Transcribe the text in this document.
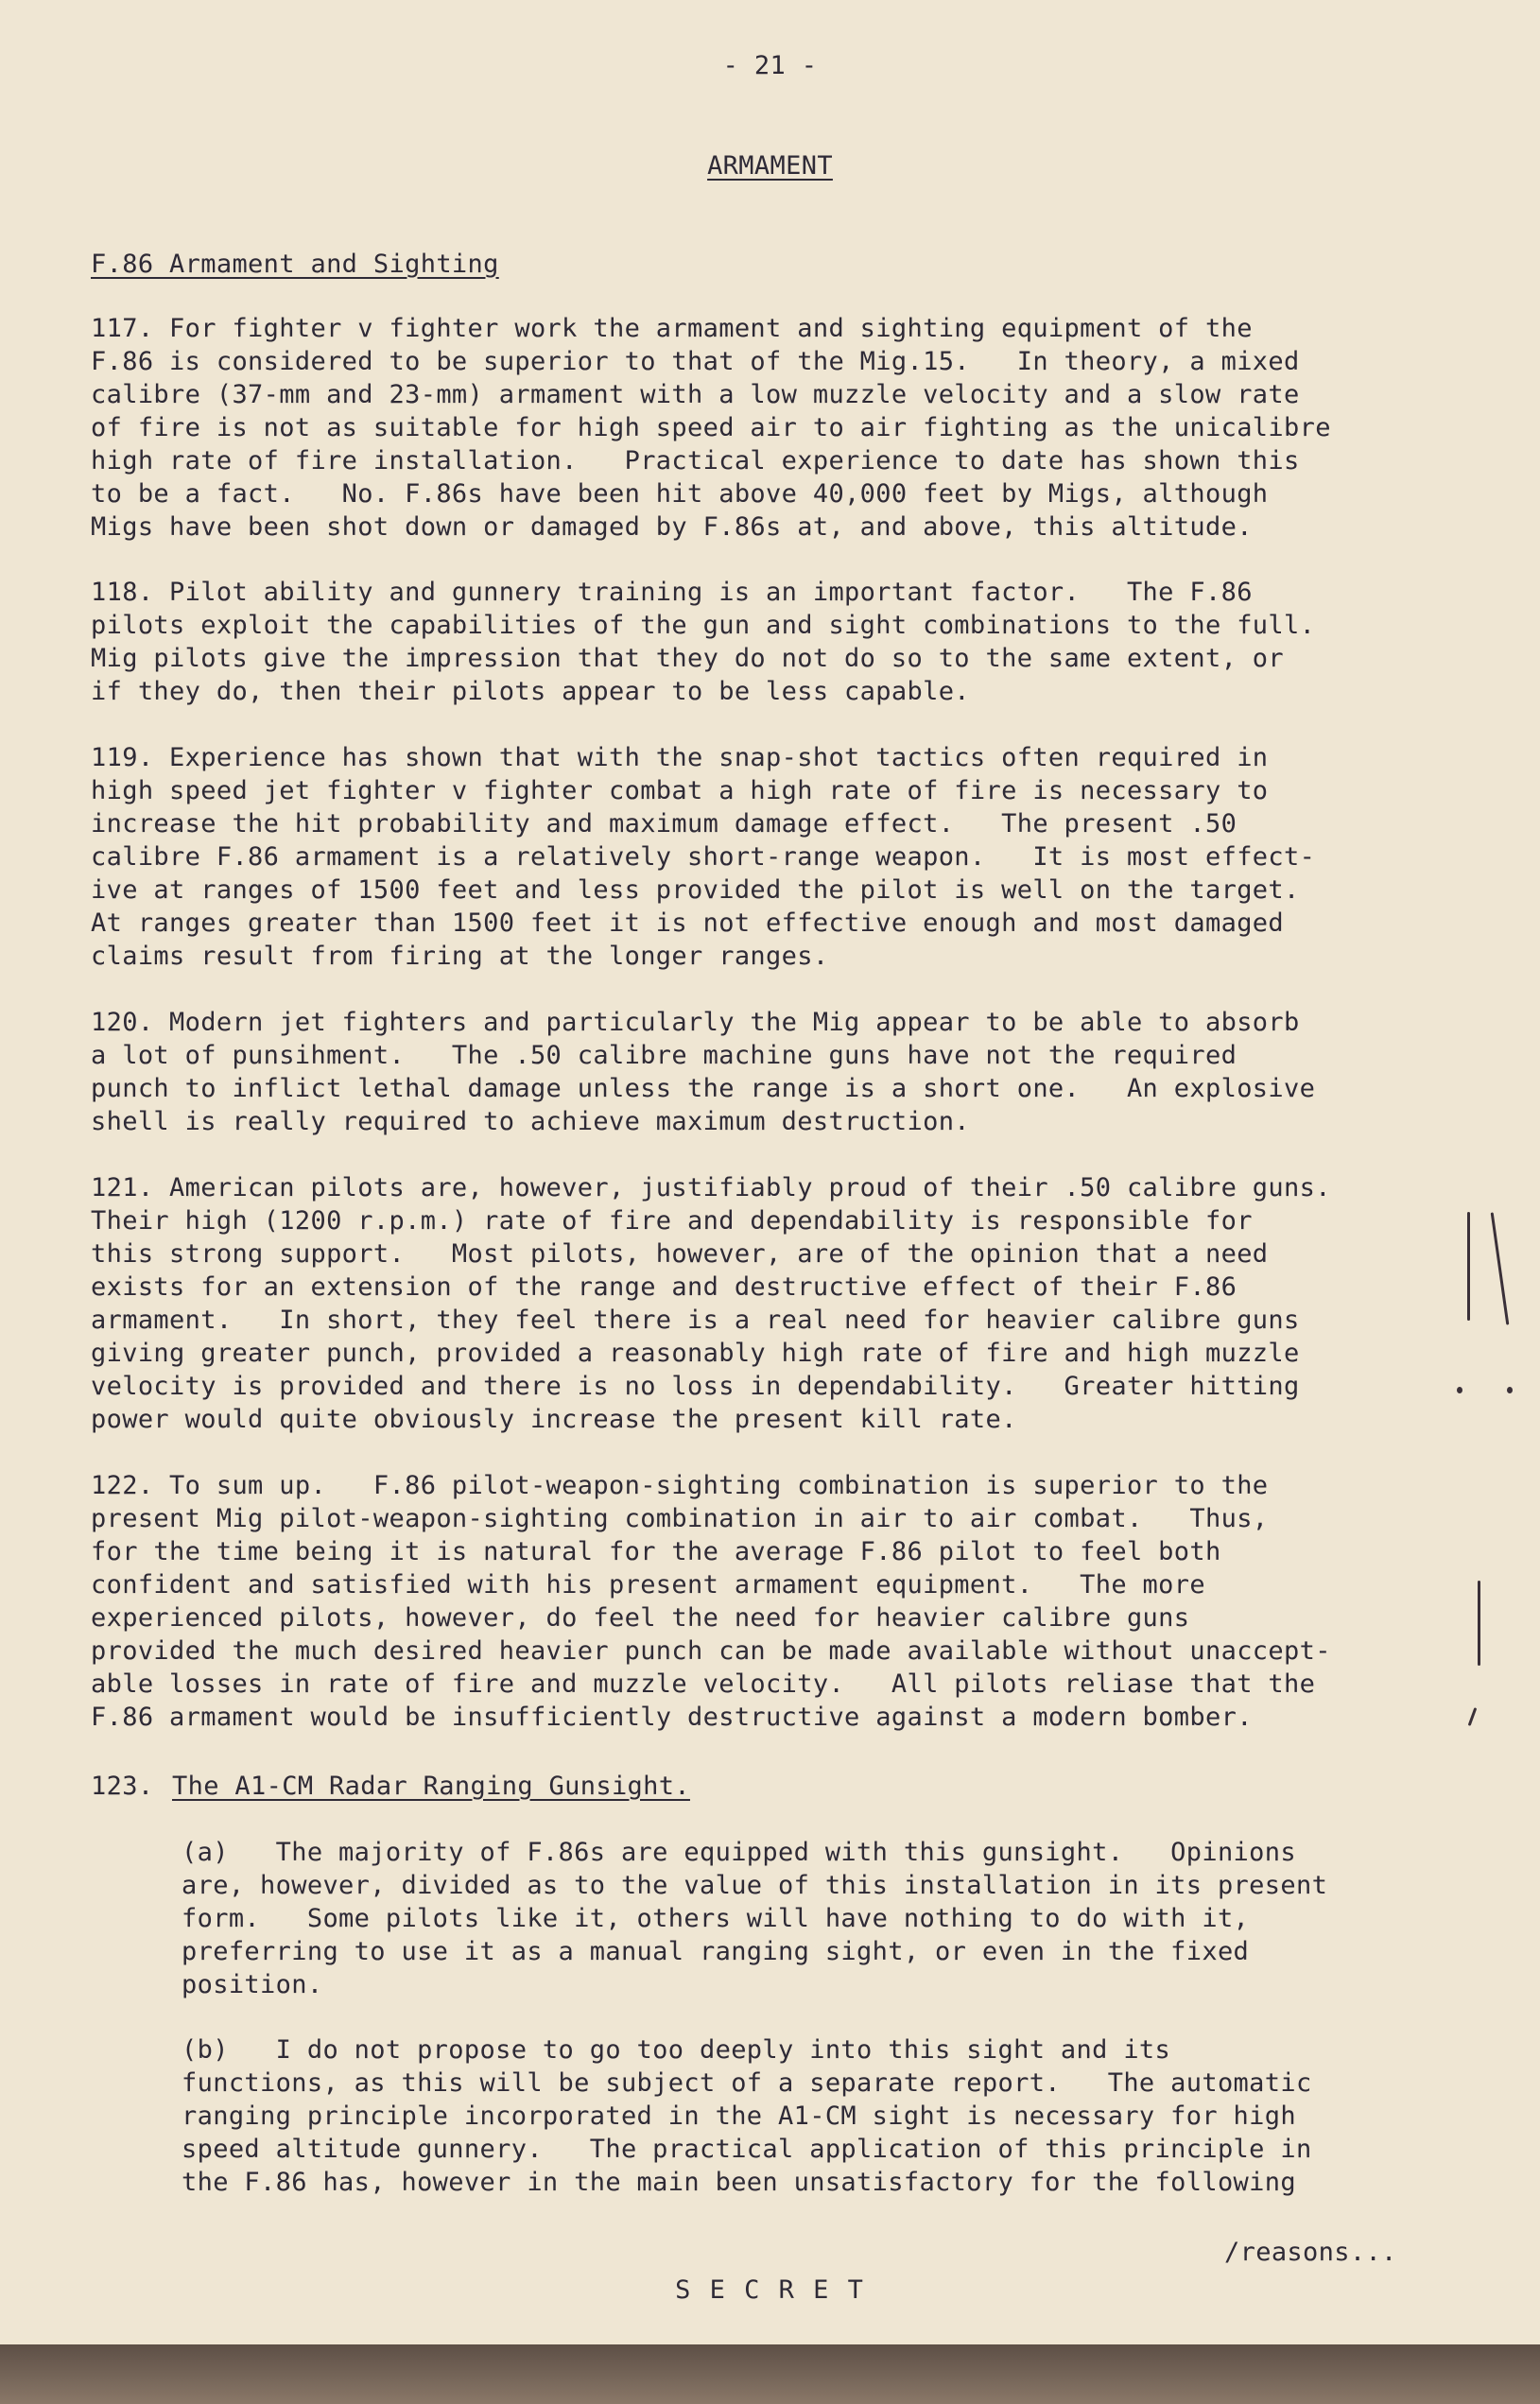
- 21 -
ARMAMENT
F.86 Armament and Sighting
117. For fighter v fighter work the armament and sighting equipment of the
F.86 is considered to be superior to that of the Mig.15.   In theory, a mixed
calibre (37-mm and 23-mm) armament with a low muzzle velocity and a slow rate
of fire is not as suitable for high speed air to air fighting as the unicalibre
high rate of fire installation.   Practical experience to date has shown this
to be a fact.   No. F.86s have been hit above 40,000 feet by Migs, although
Migs have been shot down or damaged by F.86s at, and above, this altitude.
118. Pilot ability and gunnery training is an important factor.   The F.86
pilots exploit the capabilities of the gun and sight combinations to the full.
Mig pilots give the impression that they do not do so to the same extent, or
if they do, then their pilots appear to be less capable.
119. Experience has shown that with the snap-shot tactics often required in
high speed jet fighter v fighter combat a high rate of fire is necessary to
increase the hit probability and maximum damage effect.   The present .50
calibre F.86 armament is a relatively short-range weapon.   It is most effect-
ive at ranges of 1500 feet and less provided the pilot is well on the target.
At ranges greater than 1500 feet it is not effective enough and most damaged
claims result from firing at the longer ranges.
120. Modern jet fighters and particularly the Mig appear to be able to absorb
a lot of punsihment.   The .50 calibre machine guns have not the required
punch to inflict lethal damage unless the range is a short one.   An explosive
shell is really required to achieve maximum destruction.
121. American pilots are, however, justifiably proud of their .50 calibre guns.
Their high (1200 r.p.m.) rate of fire and dependability is responsible for
this strong support.   Most pilots, however, are of the opinion that a need
exists for an extension of the range and destructive effect of their F.86
armament.   In short, they feel there is a real need for heavier calibre guns
giving greater punch, provided a reasonably high rate of fire and high muzzle
velocity is provided and there is no loss in dependability.   Greater hitting
power would quite obviously increase the present kill rate.
122. To sum up.   F.86 pilot-weapon-sighting combination is superior to the
present Mig pilot-weapon-sighting combination in air to air combat.   Thus,
for the time being it is natural for the average F.86 pilot to feel both
confident and satisfied with his present armament equipment.   The more
experienced pilots, however, do feel the need for heavier calibre guns
provided the much desired heavier punch can be made available without unaccept-
able losses in rate of fire and muzzle velocity.   All pilots reliase that the
F.86 armament would be insufficiently destructive against a modern bomber.
123. The A1-CM Radar Ranging Gunsight.
(a)   The majority of F.86s are equipped with this gunsight.   Opinions
are, however, divided as to the value of this installation in its present
form.   Some pilots like it, others will have nothing to do with it,
preferring to use it as a manual ranging sight, or even in the fixed
position.
(b)   I do not propose to go too deeply into this sight and its
functions, as this will be subject of a separate report.   The automatic
ranging principle incorporated in the A1-CM sight is necessary for high
speed altitude gunnery.   The practical application of this principle in
the F.86 has, however in the main been unsatisfactory for the following
/reasons...
S E C R E T
